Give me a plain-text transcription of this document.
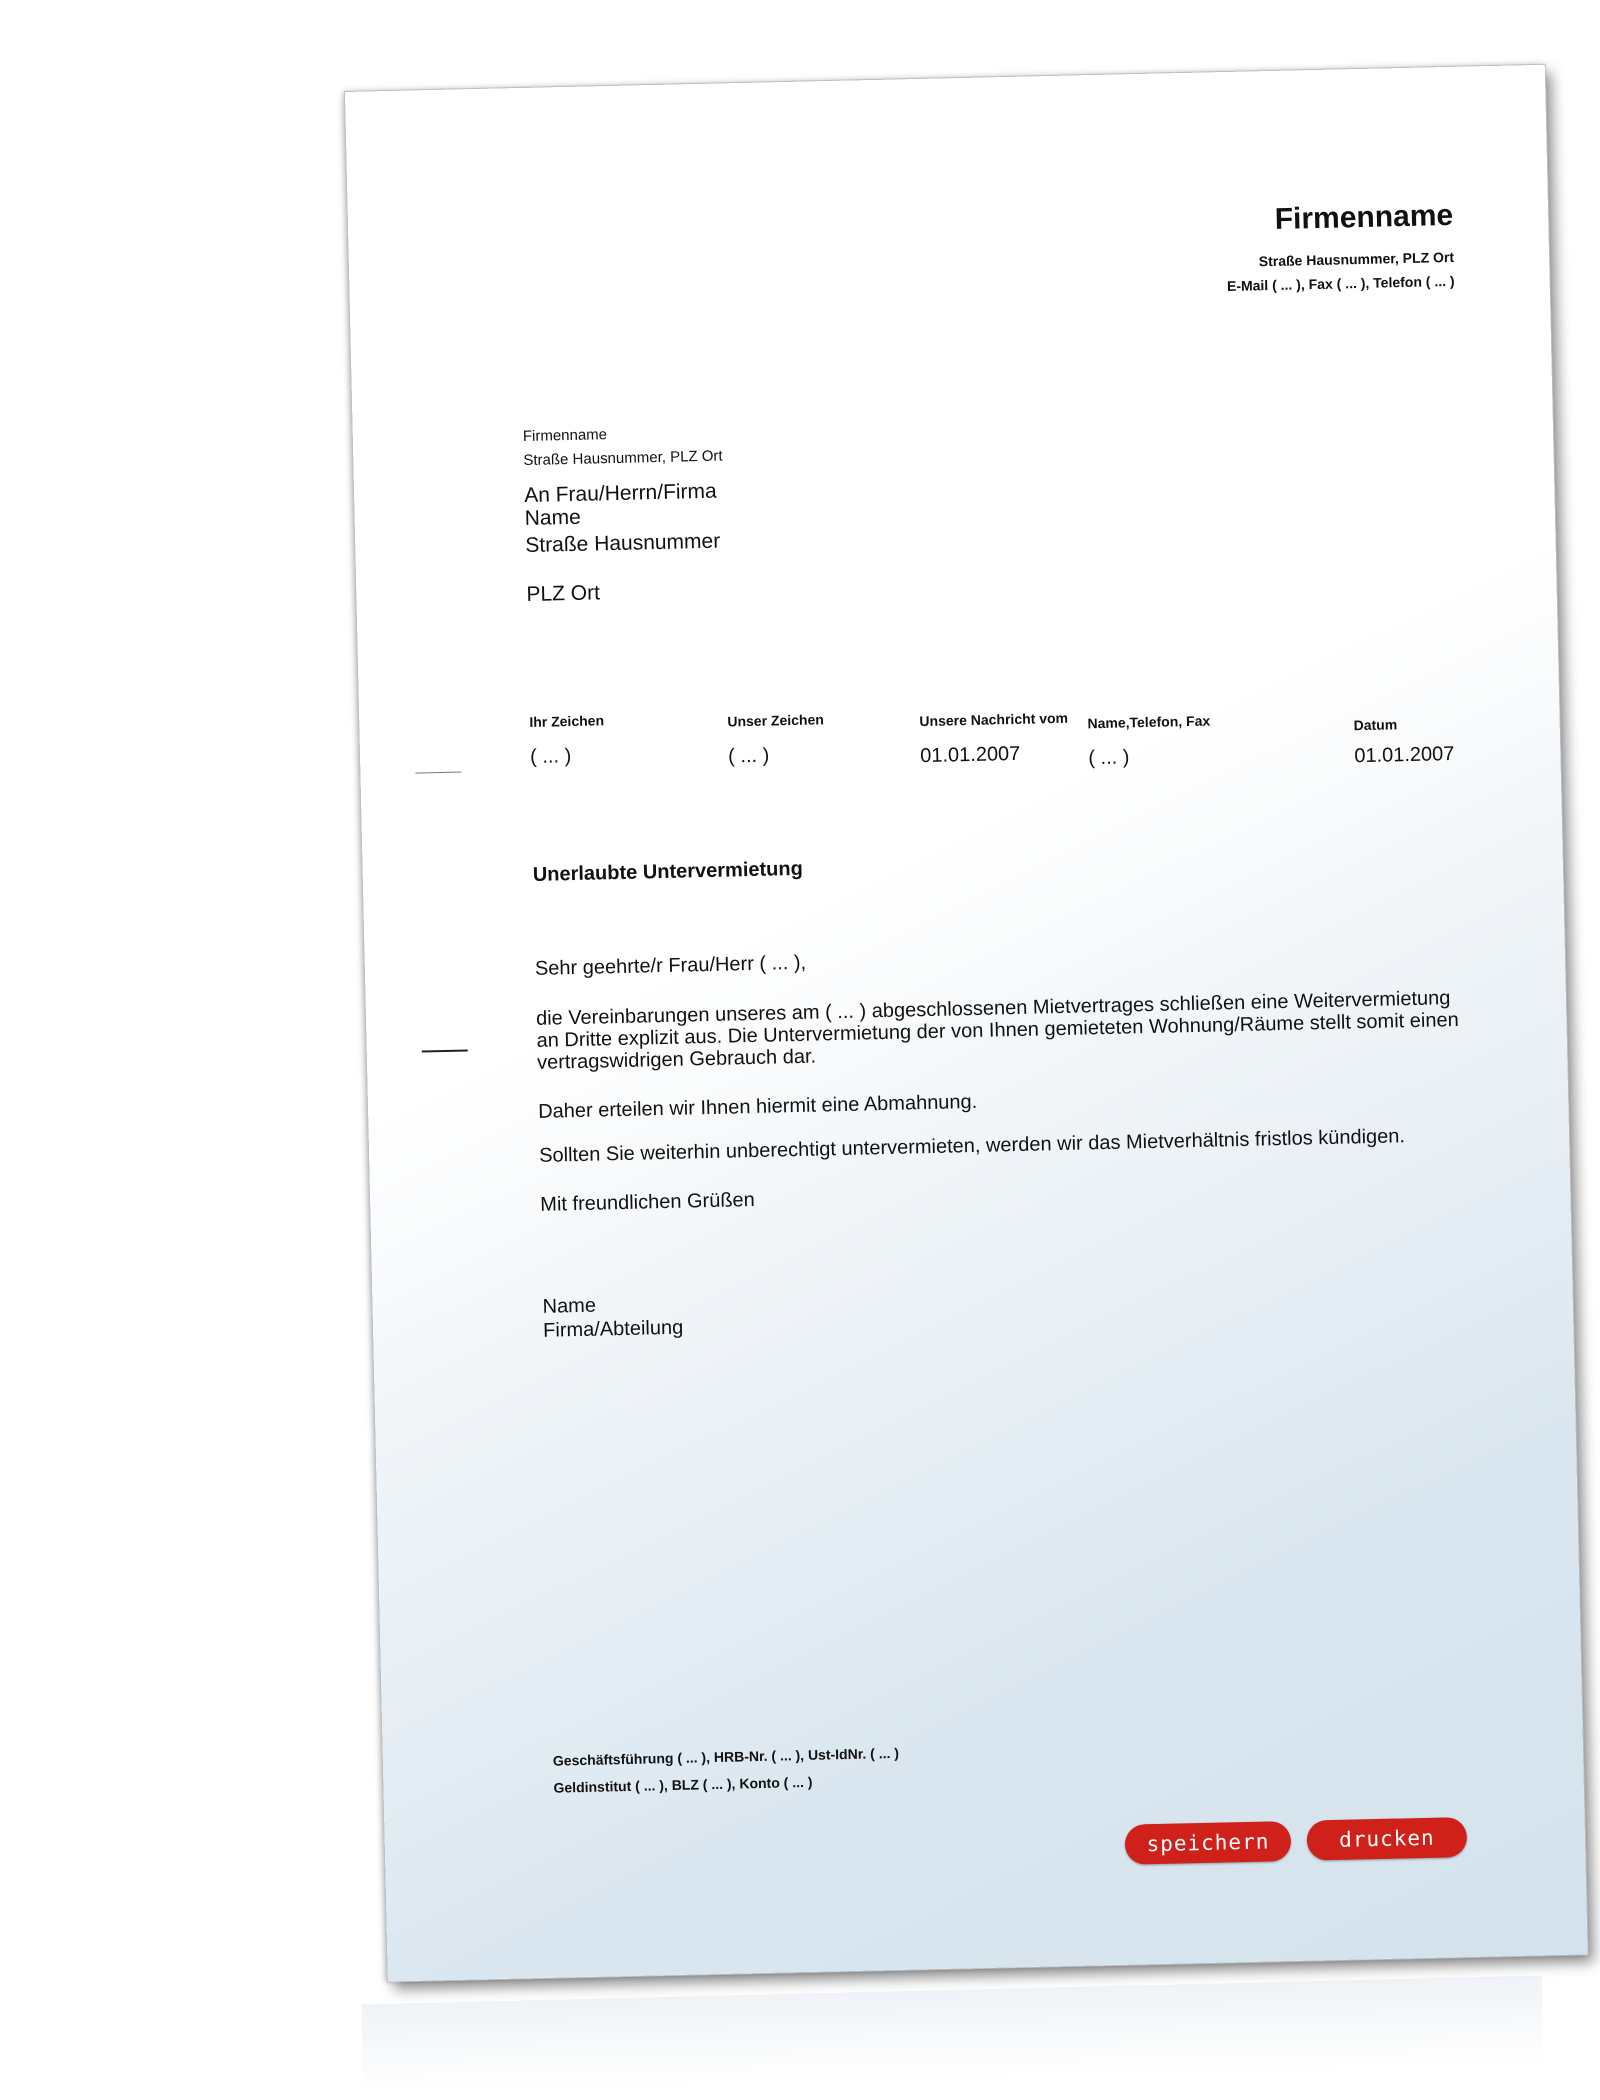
Firmenname
Straße Hausnummer, PLZ Ort
E-Mail ( ... ), Fax ( ... ), Telefon ( ... )
Firmenname
Straße Hausnummer, PLZ Ort
An Frau/Herrn/Firma
Name
Straße Hausnummer
PLZ Ort
Ihr Zeichen
( ... )
Unser Zeichen
( ... )
Unsere Nachricht vom
01.01.2007
Name,Telefon, Fax
( ... )
Datum
01.01.2007
Unerlaubte Untervermietung
Sehr geehrte/r Frau/Herr ( ... ),
die Vereinbarungen unseres am ( ... ) abgeschlossenen Mietvertrages schließen eine Weitervermietung an Dritte explizit aus. Die Untervermietung der von Ihnen gemieteten Wohnung/Räume stellt somit einen vertragswidrigen Gebrauch dar.
Daher erteilen wir Ihnen hiermit eine Abmahnung.
Sollten Sie weiterhin unberechtigt untervermieten, werden wir das Mietverhältnis fristlos kündigen.
Mit freundlichen Grüßen
Name
Firma/Abteilung
Geschäftsführung ( ... ), HRB-Nr. ( ... ), Ust-IdNr. ( ... )
Geldinstitut ( ... ), BLZ ( ... ), Konto ( ... )
speichern	drucken
